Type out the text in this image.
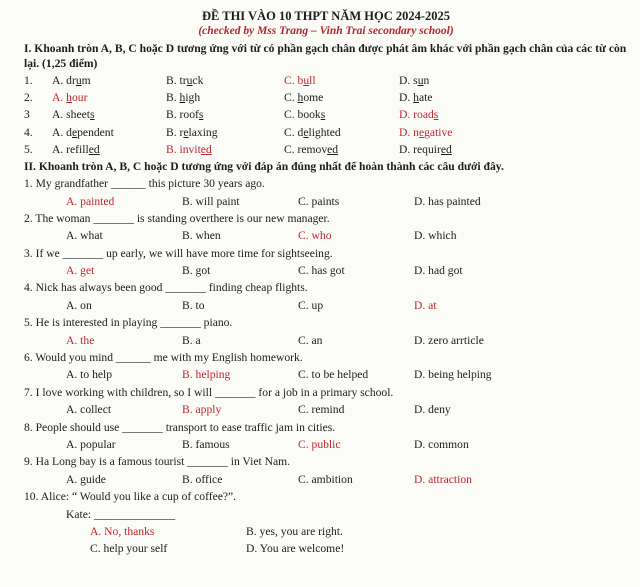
ĐỀ THI VÀO 10 THPT NĂM HỌC 2024-2025
(checked by Mss Trang – Vinh Trai secondary school)
I. Khoanh tròn A, B, C hoặc D tương ứng với từ có phần gạch chân được phát âm khác với phần gạch chân của các từ còn lại. (1,25 điểm)
1.	A. drum	B. truck	C. bull	D. sun
2.	A. hour	B. high	C. home	D. hate
3	A. sheets	B. roofs	C. books	D. roads
4.	A. dependent	B. relaxing	C. delighted	D. negative
5.	A. refilled	B. invited	C. removed	D. required
II. Khoanh tròn A, B, C hoặc D tương ứng với đáp án đúng nhất để hoàn thành các câu dưới đây.
1. My grandfather ______ this picture 30 years ago.
A. painted	B. will paint	C. paints	D. has painted
2. The woman _______ is standing overthere is our new manager.
A. what	B. when	C. who	D. which
3. If we _______ up early, we will have more time for sightseeing.
A. get	B. got	C. has got	D. had got
4. Nick has always been good _______ finding cheap flights.
A. on	B. to	C. up	D. at
5. He is interested in playing _______ piano.
A. the	B. a	C. an	D. zero arrticle
6. Would you mind ______ me with my English homework.
A. to help	B. helping	C. to be helped	D. being helping
7. I love working with children, so I will _______ for a job in a primary school.
A. collect	B. apply	C. remind	D. deny
8. People should use _______ transport to ease traffic jam in cities.
A. popular	B. famous	C. public	D. common
9. Ha Long bay is a famous tourist _______ in Viet Nam.
A. guide	B. office	C. ambition	D. attraction
10. Alice: “ Would you like a cup of coffee?”.
Kate: ______________
A. No, thanks	B. yes, you are right.
C. help your self	D. You are welcome!
